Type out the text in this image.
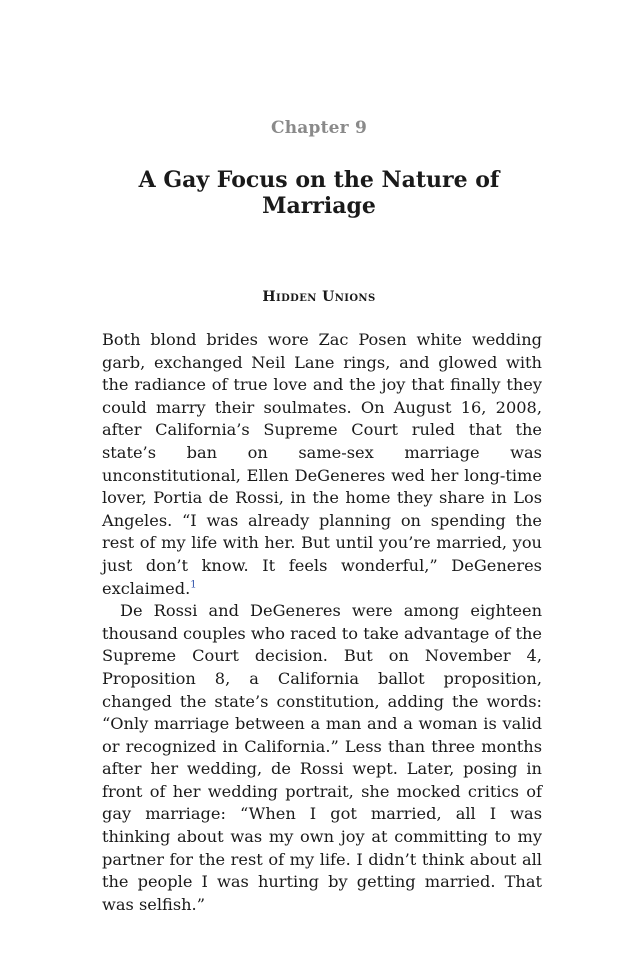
Chapter 9
A Gay Focus on the Nature of Marriage
Hidden Unions

Both blond brides wore Zac Posen white wedding garb, exchanged Neil Lane rings, and glowed with the radiance of true love and the joy that finally they could marry their soulmates. On August 16, 2008, after California’s Supreme Court ruled that the state’s ban on same-sex marriage was unconstitutional, Ellen DeGeneres wed her long-time lover, Portia de Rossi, in the home they share in Los Angeles. “I was already planning on spending the rest of my life with her. But until you’re married, you just don’t know. It feels wonderful,” DeGeneres exclaimed.$^1$

De Rossi and DeGeneres were among eighteen thousand couples who raced to take advantage of the Supreme Court decision. But on November 4, Proposition 8, a California ballot proposition, changed the state’s constitution, adding the words: “Only marriage between a man and a woman is valid or recognized in California.” Less than three months after her wedding, de Rossi wept. Later, posing in front of her wedding portrait, she mocked critics of gay marriage: “When I got married, all I was thinking about was my own joy at committing to my partner for the rest of my life. I didn’t think about all the people I was hurting by getting married. That was selfish.”
